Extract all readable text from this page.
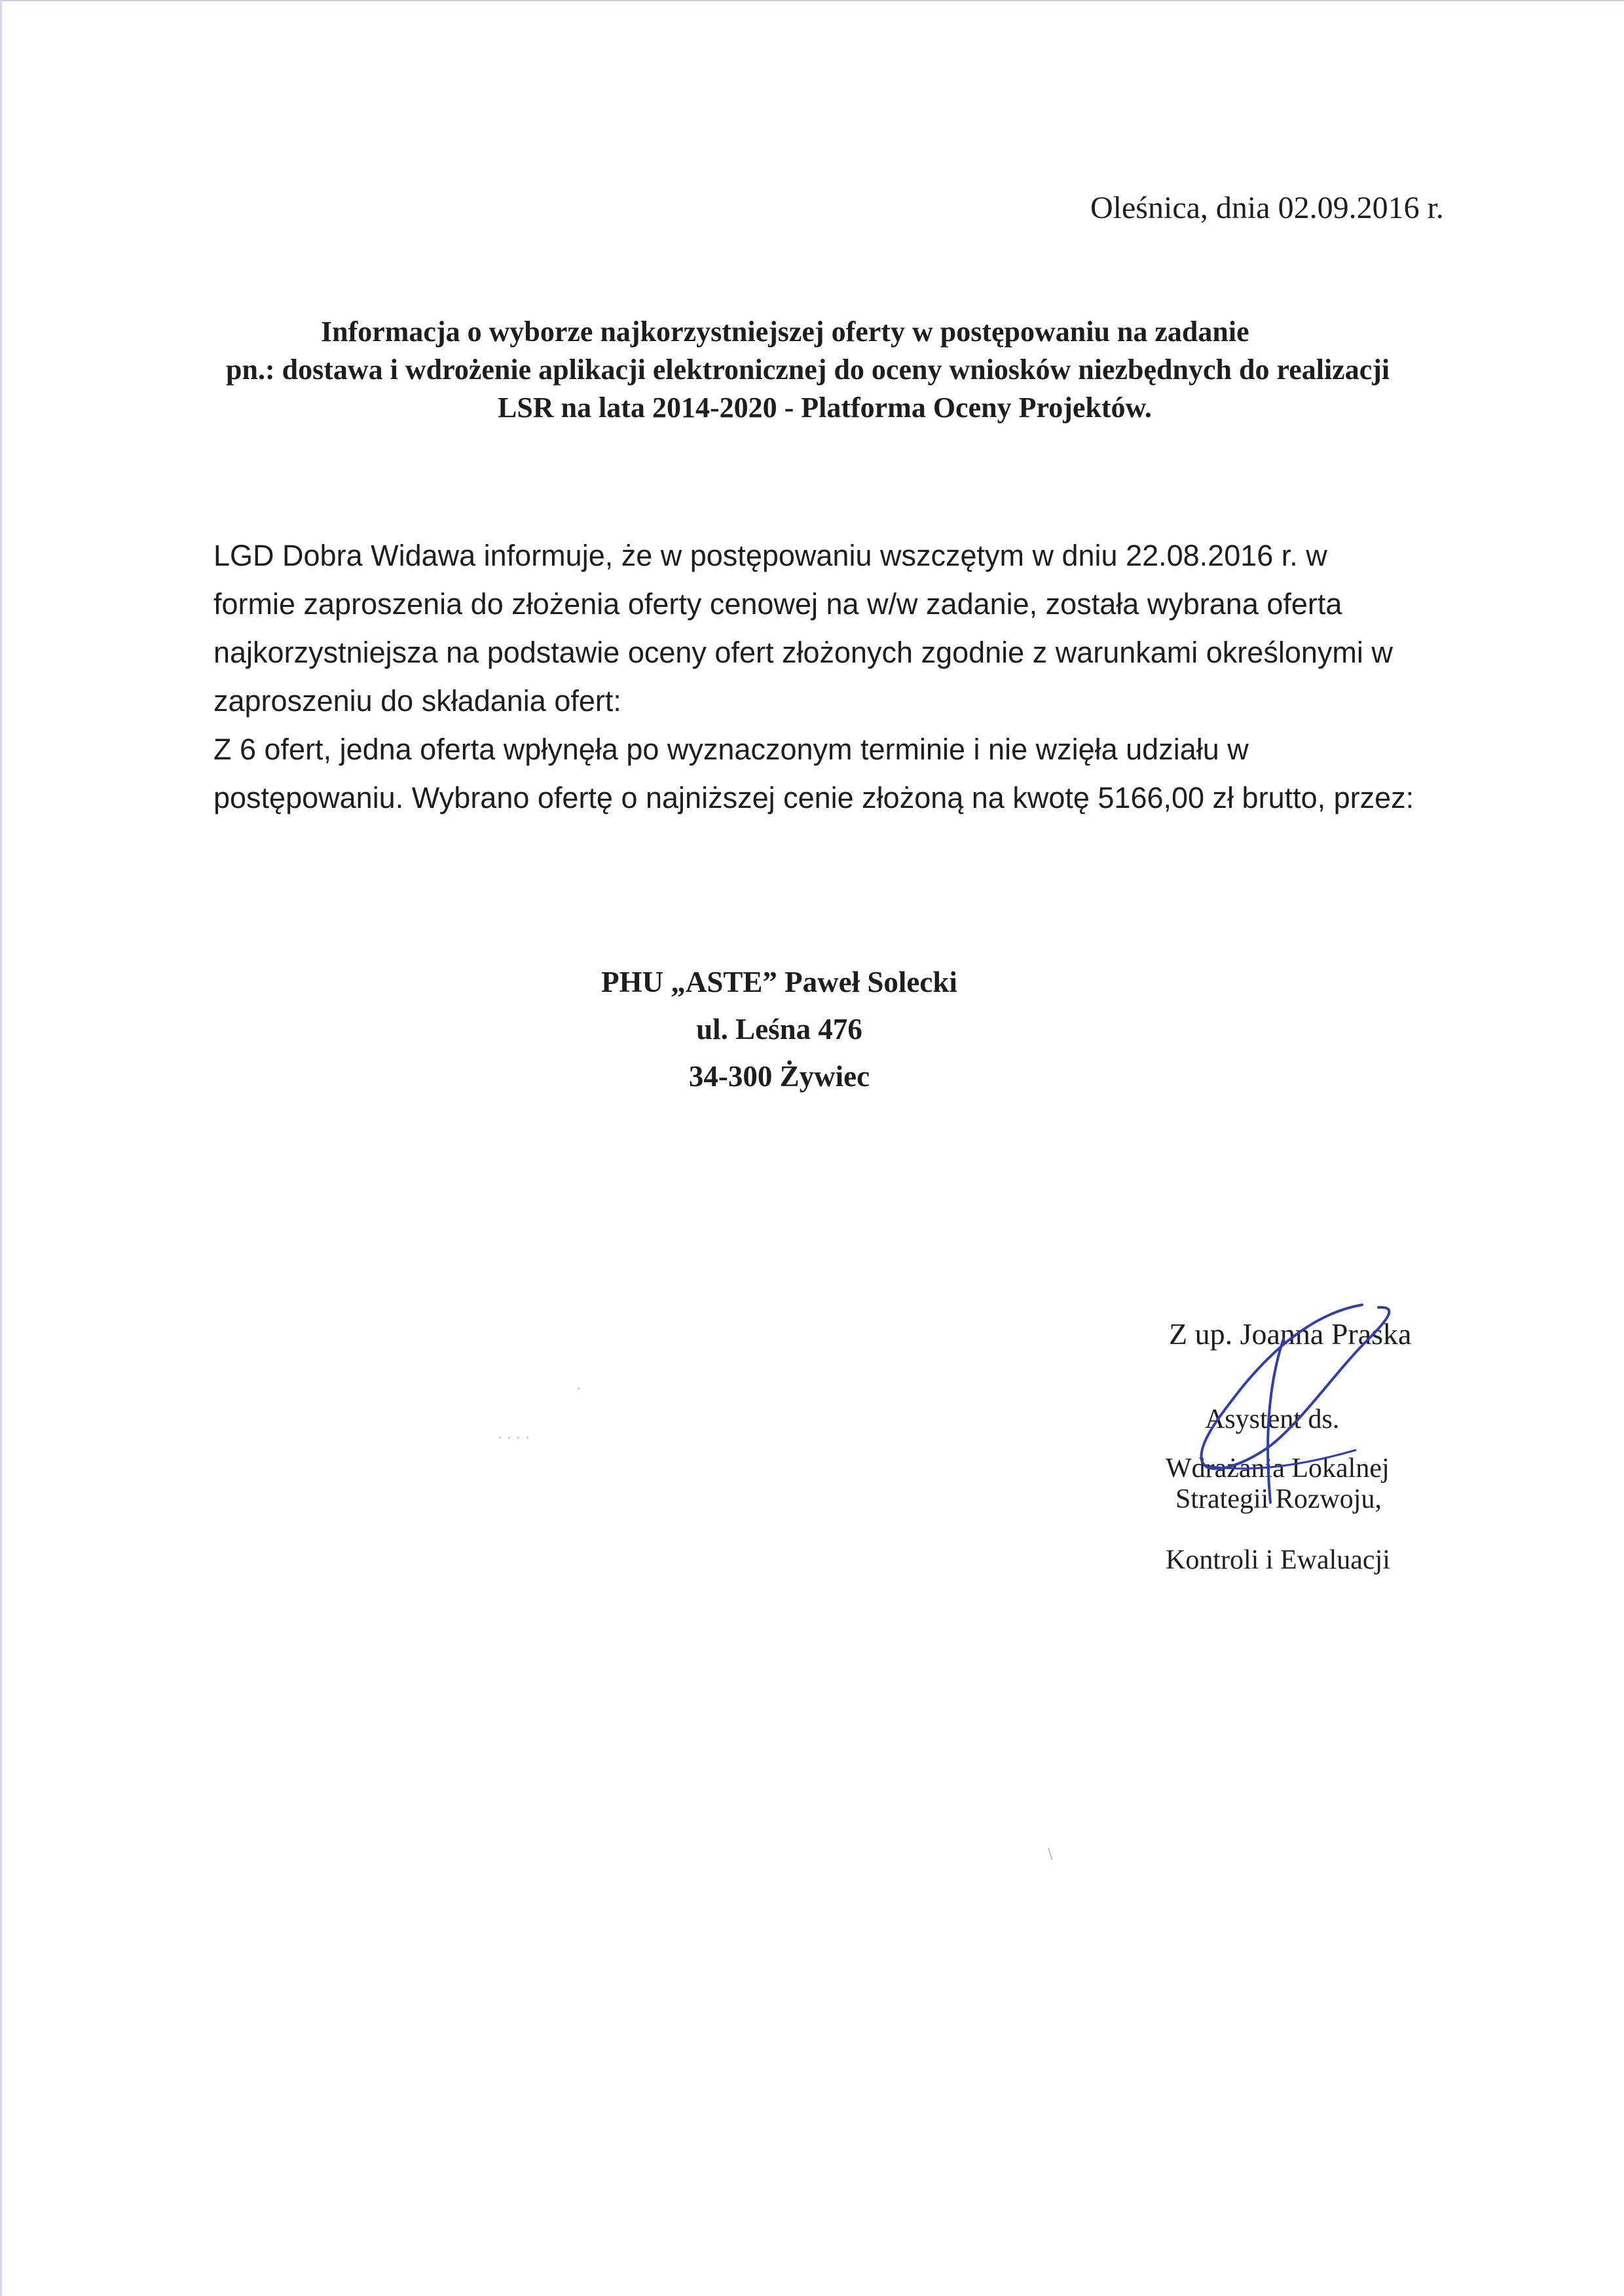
Oleśnica, dnia 02.09.2016 r.
Informacja o wyborze najkorzystniejszej oferty w postępowaniu na zadanie
pn.: dostawa i wdrożenie aplikacji elektronicznej do oceny wniosków niezbędnych do realizacji
LSR na lata 2014-2020 - Platforma Oceny Projektów.
LGD Dobra Widawa informuje, że w postępowaniu wszczętym w dniu 22.08.2016 r. w
formie zaproszenia do złożenia oferty cenowej na w/w zadanie, została wybrana oferta
najkorzystniejsza na podstawie oceny ofert złożonych zgodnie z warunkami określonymi w
zaproszeniu do składania ofert:
Z 6 ofert, jedna oferta wpłynęła po wyznaczonym terminie i nie wzięła udziału w
postępowaniu. Wybrano ofertę o najniższej cenie złożoną na kwotę 5166,00 zł brutto, przez:
PHU „ASTE” Paweł Solecki
ul. Leśna 476
34-300 Żywiec
Z up. Joanna Praska
Asystent ds.
Wdrażania Lokalnej
Strategii Rozwoju,
Kontroli i Ewaluacji
· · · ·
·
\
